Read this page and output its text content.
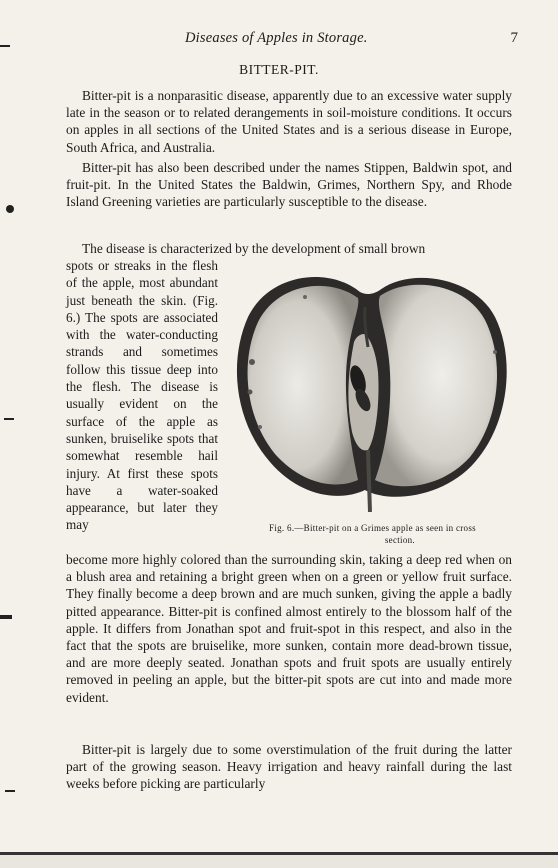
Diseases of Apples in Storage.	7
BITTER-PIT.

Bitter-pit is a nonparasitic disease, apparently due to an excessive water supply late in the season or to related derangements in soil-moisture conditions. It occurs on apples in all sections of the United States and is a serious disease in Europe, South Africa, and Australia.

Bitter-pit has also been described under the names Stippen, Baldwin spot, and fruit-pit. In the United States the Baldwin, Grimes, Northern Spy, and Rhode Island Greening varieties are particularly susceptible to the disease.

The disease is characterized by the development of small brown

spots or streaks in the flesh of the apple, most abundant just beneath the skin. (Fig. 6.) The spots are associated with the water-conducting strands and sometimes follow this tissue deep into the flesh. The disease is usually evident on the surface of the apple as sunken, bruiselike spots that somewhat resemble hail injury. At first these spots have a water-soaked appearance, but later they may	Fig. 6.—Bitter-pit on a Grimes apple as seen in cross
section.

become more highly colored than the surrounding skin, taking a deep red when on a blush area and retaining a bright green when on a green or yellow fruit surface. They finally become a deep brown and are much sunken, giving the apple a badly pitted appearance. Bitter-pit is confined almost entirely to the blossom half of the apple. It differs from Jonathan spot and fruit-spot in this respect, and also in the fact that the spots are bruiselike, more sunken, contain more dead-brown tissue, and are more deeply seated. Jonathan spots and fruit spots are usually entirely removed in peeling an apple, but the bitter-pit spots are cut into and made more evident.

Bitter-pit is largely due to some overstimulation of the fruit during the latter part of the growing season. Heavy irrigation and heavy rainfall during the last weeks before picking are particularly
